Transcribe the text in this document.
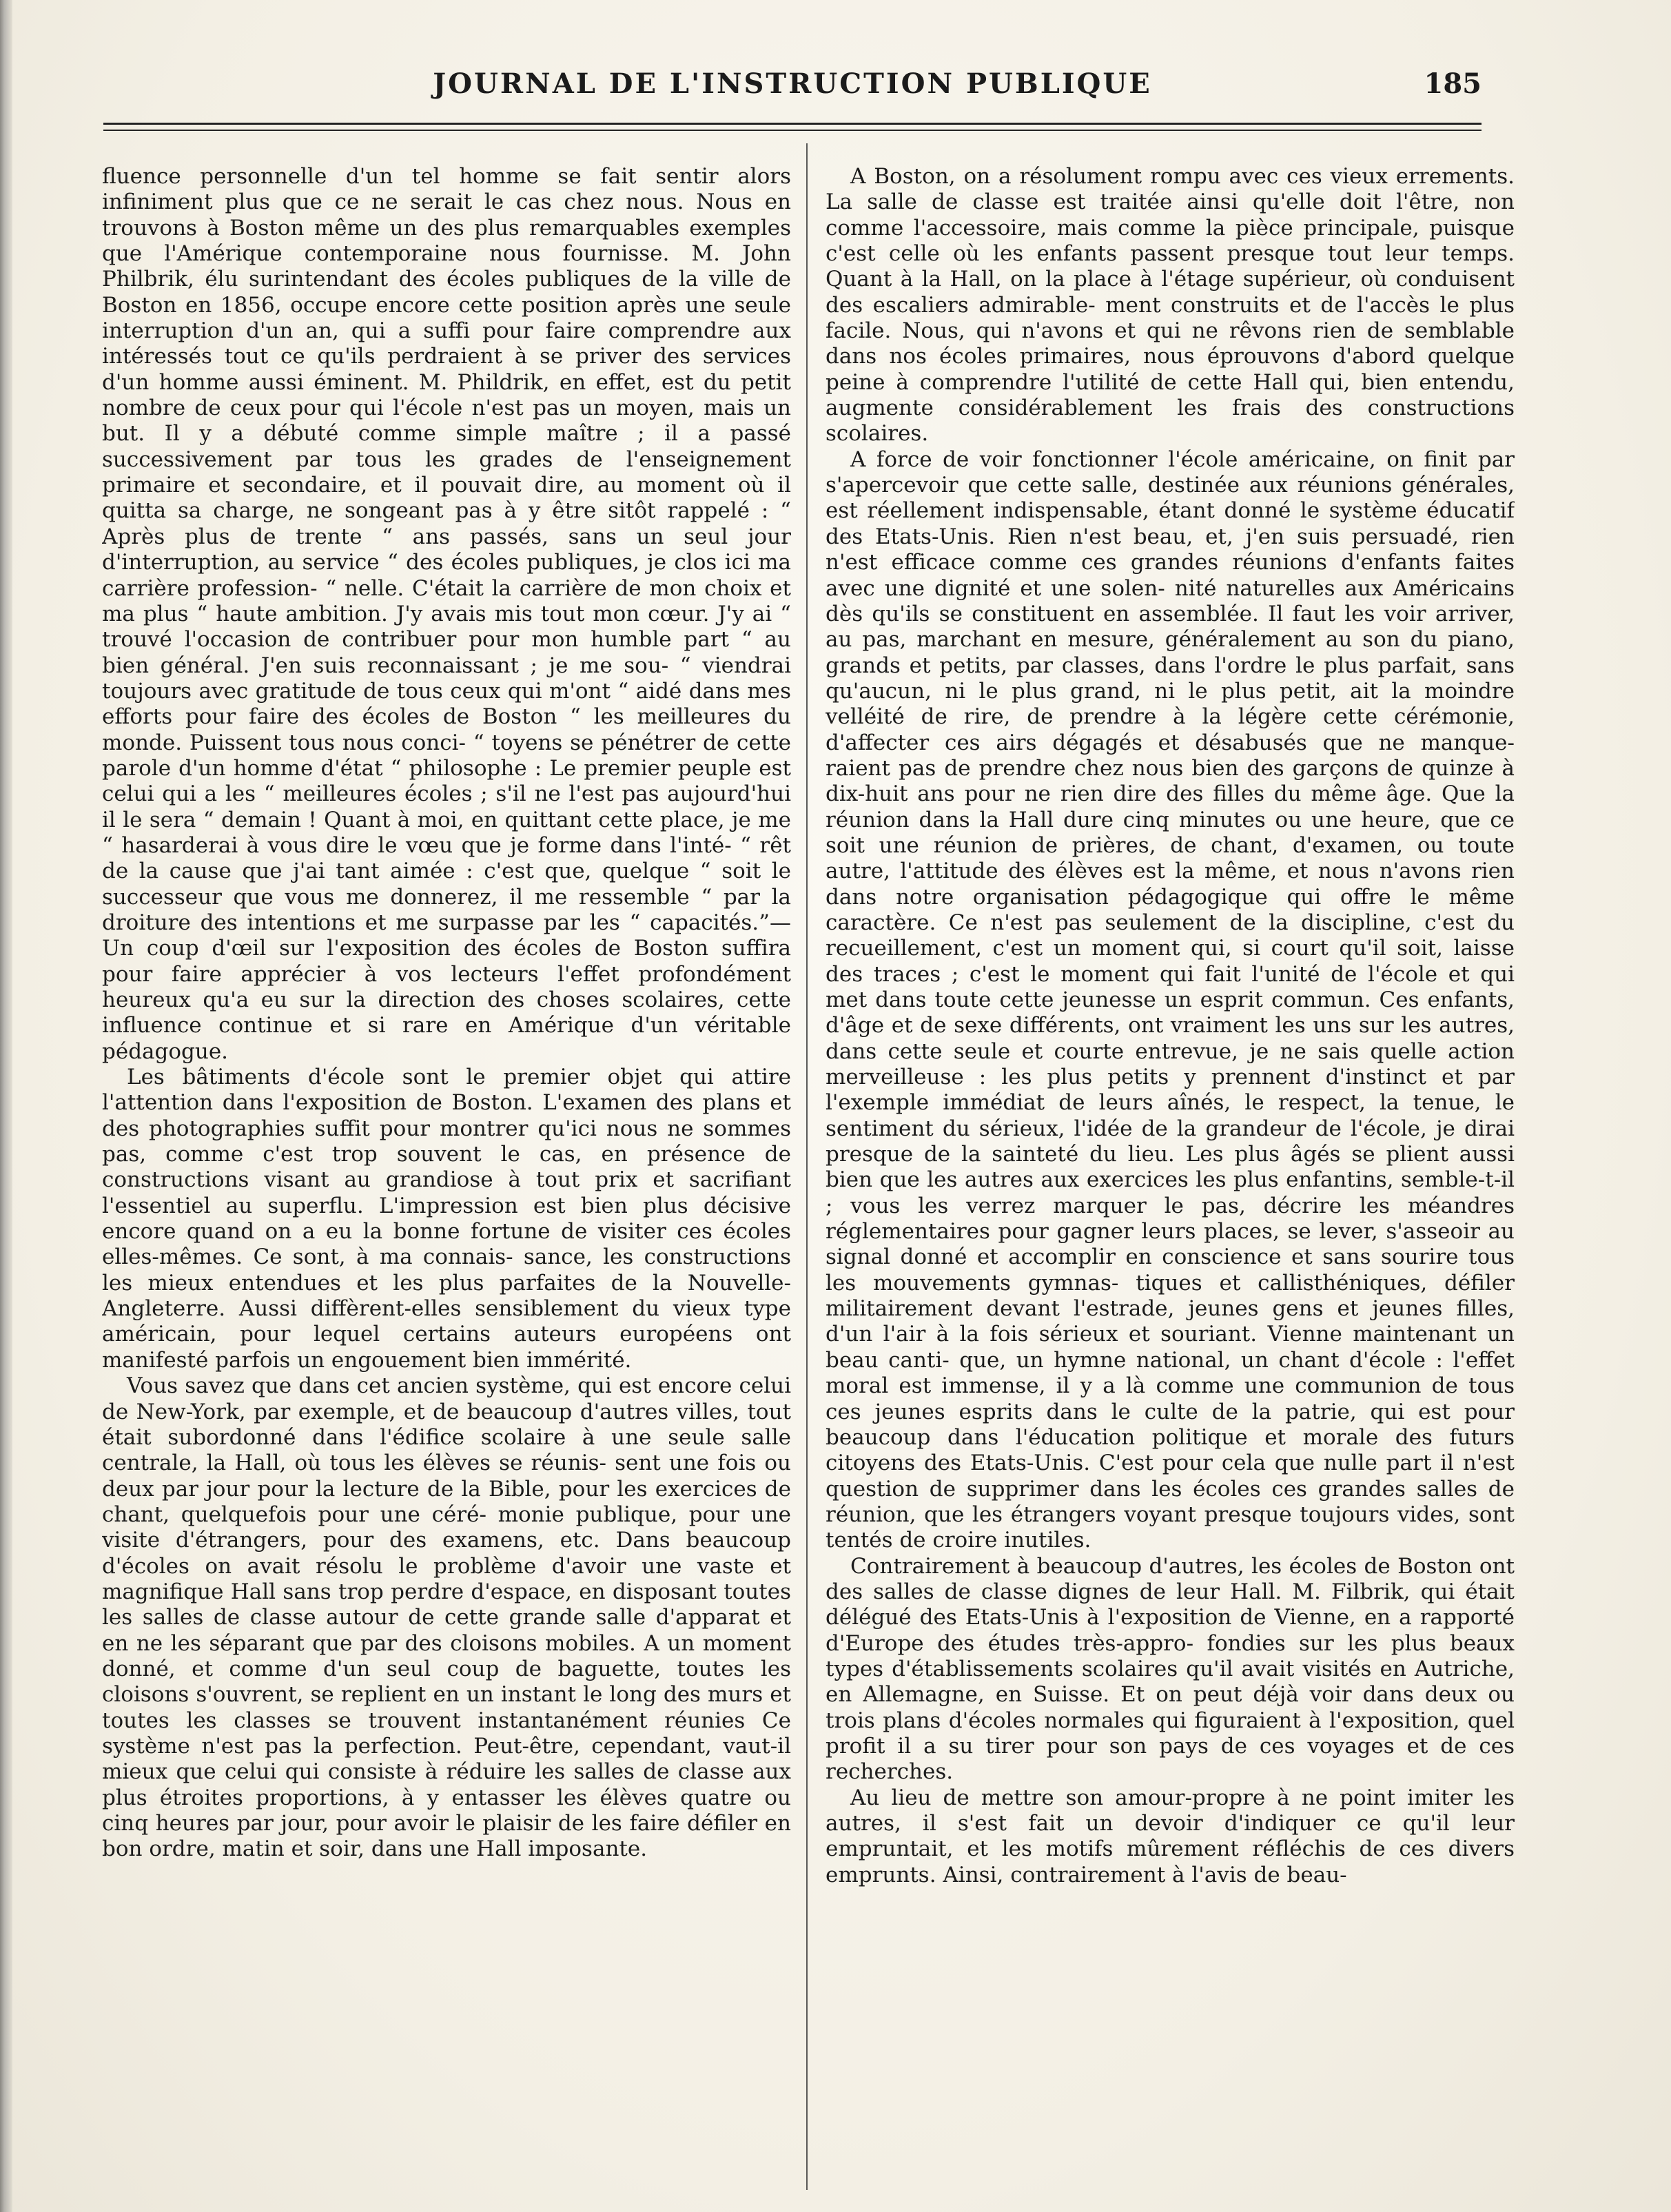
JOURNAL DE L'INSTRUCTION PUBLIQUE	185

fluence personnelle d'un tel homme se fait sentir alors infiniment plus que ce ne serait le cas chez nous. Nous en trouvons à Boston même un des plus remarquables exemples que l'Amérique contemporaine nous fournisse. M. John Philbrik, élu surintendant des écoles publiques de la ville de Boston en 1856, occupe encore cette position après une seule interruption d'un an, qui a suffi pour faire comprendre aux intéressés tout ce qu'ils perdraient à se priver des services d'un homme aussi éminent. M. Phildrik, en effet, est du petit nombre de ceux pour qui l'école n'est pas un moyen, mais un but. Il y a débuté comme simple maître ; il a passé successivement par tous les grades de l'enseignement primaire et secondaire, et il pouvait dire, au moment où il quitta sa charge, ne songeant pas à y être sitôt rappelé : “ Après plus de trente “ ans passés, sans un seul jour d'interruption, au service “ des écoles publiques, je clos ici ma carrière profession- “ nelle. C'était la carrière de mon choix et ma plus “ haute ambition. J'y avais mis tout mon cœur. J'y ai “ trouvé l'occasion de contribuer pour mon humble part “ au bien général. J'en suis reconnaissant ; je me sou- “ viendrai toujours avec gratitude de tous ceux qui m'ont “ aidé dans mes efforts pour faire des écoles de Boston “ les meilleures du monde. Puissent tous nous conci- “ toyens se pénétrer de cette parole d'un homme d'état “ philosophe : Le premier peuple est celui qui a les “ meilleures écoles ; s'il ne l'est pas aujourd'hui il le sera “ demain ! Quant à moi, en quittant cette place, je me “ hasarderai à vous dire le vœu que je forme dans l'inté- “ rêt de la cause que j'ai tant aimée : c'est que, quelque “ soit le successeur que vous me donnerez, il me ressemble “ par la droiture des intentions et me surpasse par les “ capacités.”—Un coup d'œil sur l'exposition des écoles de Boston suffira pour faire apprécier à vos lecteurs l'effet profondément heureux qu'a eu sur la direction des choses scolaires, cette influence continue et si rare en Amérique d'un véritable pédagogue.

Les bâtiments d'école sont le premier objet qui attire l'attention dans l'exposition de Boston. L'examen des plans et des photographies suffit pour montrer qu'ici nous ne sommes pas, comme c'est trop souvent le cas, en présence de constructions visant au grandiose à tout prix et sacrifiant l'essentiel au superflu. L'impression est bien plus décisive encore quand on a eu la bonne fortune de visiter ces écoles elles-mêmes. Ce sont, à ma connais- sance, les constructions les mieux entendues et les plus parfaites de la Nouvelle-Angleterre. Aussi diffèrent-elles sensiblement du vieux type américain, pour lequel certains auteurs européens ont manifesté parfois un engouement bien immérité.

Vous savez que dans cet ancien système, qui est encore celui de New-York, par exemple, et de beaucoup d'autres villes, tout était subordonné dans l'édifice scolaire à une seule salle centrale, la Hall, où tous les élèves se réunis- sent une fois ou deux par jour pour la lecture de la Bible, pour les exercices de chant, quelquefois pour une céré- monie publique, pour une visite d'étrangers, pour des examens, etc. Dans beaucoup d'écoles on avait résolu le problème d'avoir une vaste et magnifique Hall sans trop perdre d'espace, en disposant toutes les salles de classe autour de cette grande salle d'apparat et en ne les séparant que par des cloisons mobiles. A un moment donné, et comme d'un seul coup de baguette, toutes les cloisons s'ouvrent, se replient en un instant le long des murs et toutes les classes se trouvent instantanément réunies Ce système n'est pas la perfection. Peut-être, cependant, vaut-il mieux que celui qui consiste à réduire les salles de classe aux plus étroites proportions, à y entasser les élèves quatre ou cinq heures par jour, pour avoir le plaisir de les faire défiler en bon ordre, matin et soir, dans une Hall imposante.

A Boston, on a résolument rompu avec ces vieux errements. La salle de classe est traitée ainsi qu'elle doit l'être, non comme l'accessoire, mais comme la pièce principale, puisque c'est celle où les enfants passent presque tout leur temps. Quant à la Hall, on la place à l'étage supérieur, où conduisent des escaliers admirable- ment construits et de l'accès le plus facile. Nous, qui n'avons et qui ne rêvons rien de semblable dans nos écoles primaires, nous éprouvons d'abord quelque peine à comprendre l'utilité de cette Hall qui, bien entendu, augmente considérablement les frais des constructions scolaires.

A force de voir fonctionner l'école américaine, on finit par s'apercevoir que cette salle, destinée aux réunions générales, est réellement indispensable, étant donné le système éducatif des Etats-Unis. Rien n'est beau, et, j'en suis persuadé, rien n'est efficace comme ces grandes réunions d'enfants faites avec une dignité et une solen- nité naturelles aux Américains dès qu'ils se constituent en assemblée. Il faut les voir arriver, au pas, marchant en mesure, généralement au son du piano, grands et petits, par classes, dans l'ordre le plus parfait, sans qu'aucun, ni le plus grand, ni le plus petit, ait la moindre velléité de rire, de prendre à la légère cette cérémonie, d'affecter ces airs dégagés et désabusés que ne manque- raient pas de prendre chez nous bien des garçons de quinze à dix-huit ans pour ne rien dire des filles du même âge. Que la réunion dans la Hall dure cinq minutes ou une heure, que ce soit une réunion de prières, de chant, d'examen, ou toute autre, l'attitude des élèves est la même, et nous n'avons rien dans notre organisation pédagogique qui offre le même caractère. Ce n'est pas seulement de la discipline, c'est du recueillement, c'est un moment qui, si court qu'il soit, laisse des traces ; c'est le moment qui fait l'unité de l'école et qui met dans toute cette jeunesse un esprit commun. Ces enfants, d'âge et de sexe différents, ont vraiment les uns sur les autres, dans cette seule et courte entrevue, je ne sais quelle action merveilleuse : les plus petits y prennent d'instinct et par l'exemple immédiat de leurs aînés, le respect, la tenue, le sentiment du sérieux, l'idée de la grandeur de l'école, je dirai presque de la sainteté du lieu. Les plus âgés se plient aussi bien que les autres aux exercices les plus enfantins, semble-t-il ; vous les verrez marquer le pas, décrire les méandres réglementaires pour gagner leurs places, se lever, s'asseoir au signal donné et accomplir en conscience et sans sourire tous les mouvements gymnas- tiques et callisthéniques, défiler militairement devant l'estrade, jeunes gens et jeunes filles, d'un l'air à la fois sérieux et souriant. Vienne maintenant un beau canti- que, un hymne national, un chant d'école : l'effet moral est immense, il y a là comme une communion de tous ces jeunes esprits dans le culte de la patrie, qui est pour beaucoup dans l'éducation politique et morale des futurs citoyens des Etats-Unis. C'est pour cela que nulle part il n'est question de supprimer dans les écoles ces grandes salles de réunion, que les étrangers voyant presque toujours vides, sont tentés de croire inutiles.

Contrairement à beaucoup d'autres, les écoles de Boston ont des salles de classe dignes de leur Hall. M. Filbrik, qui était délégué des Etats-Unis à l'exposition de Vienne, en a rapporté d'Europe des études très-appro- fondies sur les plus beaux types d'établissements scolaires qu'il avait visités en Autriche, en Allemagne, en Suisse. Et on peut déjà voir dans deux ou trois plans d'écoles normales qui figuraient à l'exposition, quel profit il a su tirer pour son pays de ces voyages et de ces recherches.

Au lieu de mettre son amour-propre à ne point imiter les autres, il s'est fait un devoir d'indiquer ce qu'il leur empruntait, et les motifs mûrement réfléchis de ces divers emprunts. Ainsi, contrairement à l'avis de beau-
